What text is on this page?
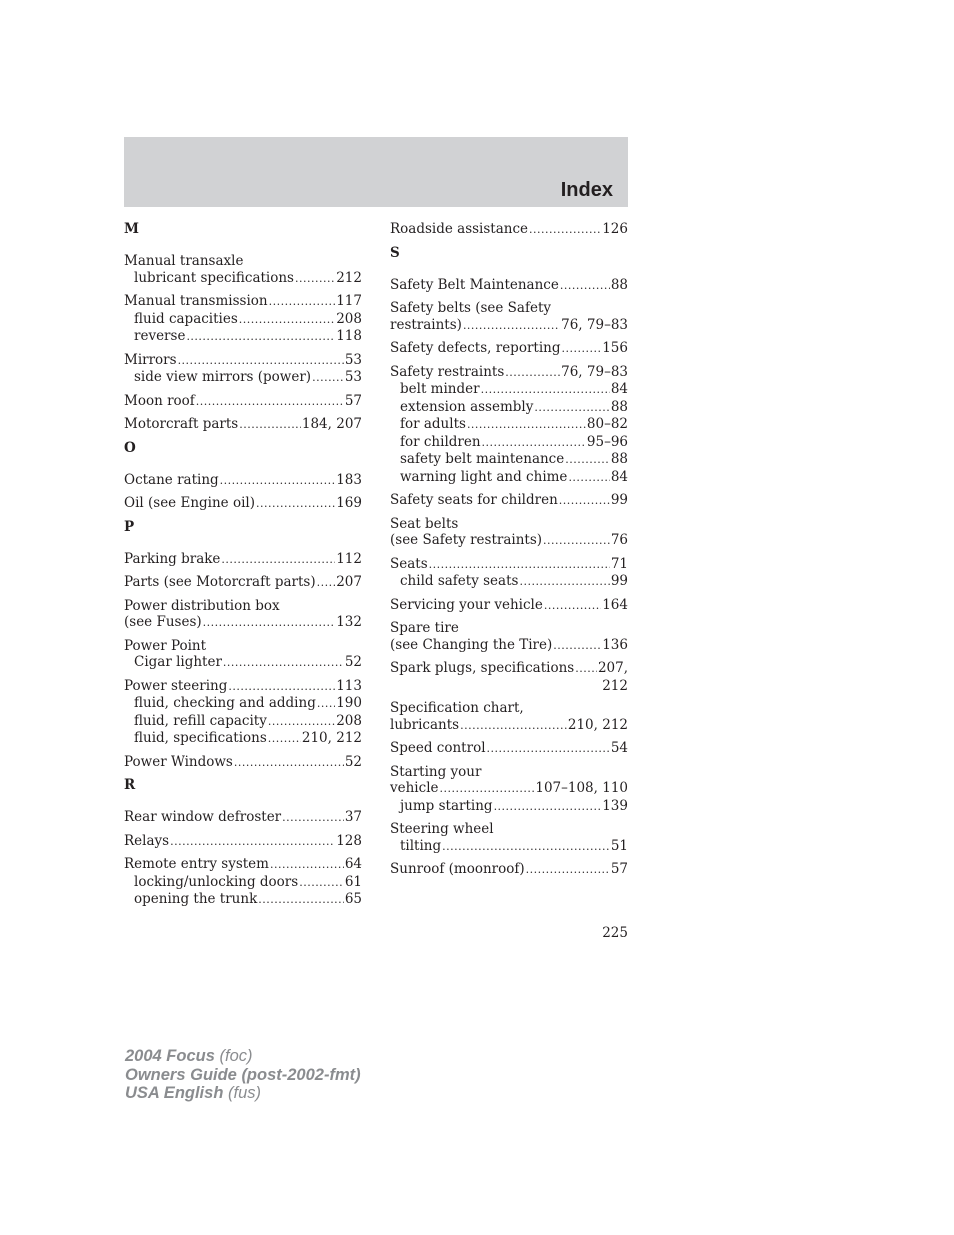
Index
M
Manual transaxle
lubricant specifications .....	212
Manual transmission .....	117
fluid capacities .....	208
reverse .....	118
Mirrors .....	53
side view mirrors (power) ..... 53
Moon roof .....	57
Motorcraft parts .....	184, 207
O
Octane rating .....	183
Oil (see Engine oil) .....	169
P
Parking brake .....	112
Parts (see Motorcraft parts) ..... 207
Power distribution box
(see Fuses) .....	132
Power Point
Cigar lighter .....	52
Power steering .....	113
fluid, checking and adding ..... 190
fluid, refill capacity .....	208
fluid, specifications .....	210, 212
Power Windows .....	52
R
Rear window defroster .....	37
Relays .....	128
Remote entry system .....	64
locking/unlocking doors .....	61
opening the trunk .....	65
Roadside assistance .....	126
S
Safety Belt Maintenance .....	88
Safety belts (see Safety
restraints) .....	76, 79–83
Safety defects, reporting .....	156
Safety restraints .....	76, 79–83
belt minder .....	84
extension assembly .....	88
for adults .....	80–82
for children .....	95–96
safety belt maintenance .....	88
warning light and chime .....	84
Safety seats for children .....	99
Seat belts
(see Safety restraints) .....	76
Seats .....	71
child safety seats .....	99
Servicing your vehicle .....	164
Spare tire
(see Changing the Tire) .....	136
Spark plugs, specifications ..... 207,
212
Specification chart,
lubricants .....	210, 212
Speed control .....	54
Starting your
vehicle .....	107–108, 110
jump starting .....	139
Steering wheel
tilting .....	51
Sunroof (moonroof) .....	57
225
2004 Focus (foc)
Owners Guide (post-2002-fmt)
USA English (fus)
